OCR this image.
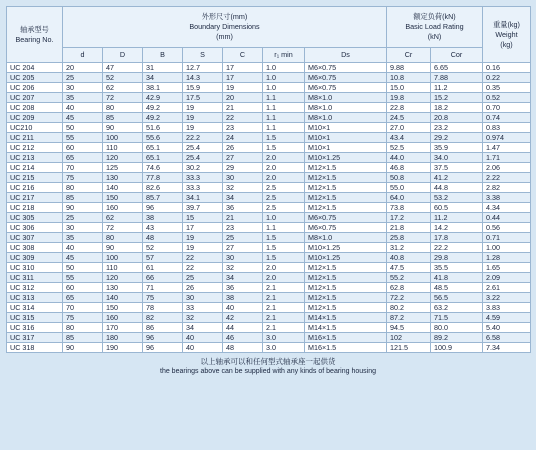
轴承型号
Bearing No.	外形尺寸(mm)
Boundary Dimensions
(mm)							额定负荷(kN)
Basic Load Rating
(kN)		重量(kg)
Weight
(kg)

	d	D	B	S	C	r₁ min	Ds	Cr	Cor	
UC 204	20	47	31	12.7	17	1.0	M6×0.75	9.88	6.65	0.16
UC 205	25	52	34	14.3	17	1.0	M6×0.75	10.8	7.88	0.22
UC 206	30	62	38.1	15.9	19	1.0	M6×0.75	15.0	11.2	0.35
UC 207	35	72	42.9	17.5	20	1.1	M8×1.0	19.8	15.2	0.52
UC 208	40	80	49.2	19	21	1.1	M8×1.0	22.8	18.2	0.70
UC 209	45	85	49.2	19	22	1.1	M8×1.0	24.5	20.8	0.74
UC210	50	90	51.6	19	23	1.1	M10×1	27.0	23.2	0.83
UC 211	55	100	55.6	22.2	24	1.5	M10×1	43.4	29.2	0.974
UC 212	60	110	65.1	25.4	26	1.5	M10×1	52.5	35.9	1.47
UC 213	65	120	65.1	25.4	27	2.0	M10×1.25	44.0	34.0	1.71
UC 214	70	125	74.6	30.2	29	2.0	M12×1.5	46.8	37.5	2.06
UC 215	75	130	77.8	33.3	30	2.0	M12×1.5	50.8	41.2	2.22
UC 216	80	140	82.6	33.3	32	2.5	M12×1.5	55.0	44.8	2.82
UC 217	85	150	85.7	34.1	34	2.5	M12×1.5	64.0	53.2	3.38
UC 218	90	160	96	39.7	36	2.5	M12×1.5	73.8	60.5	4.34
UC 305	25	62	38	15	21	1.0	M6×0.75	17.2	11.2	0.44
UC 306	30	72	43	17	23	1.1	M6×0.75	21.8	14.2	0.56
UC 307	35	80	48	19	25	1.5	M8×1.0	25.8	17.8	0.71
UC 308	40	90	52	19	27	1.5	M10×1.25	31.2	22.2	1.00
UC 309	45	100	57	22	30	1.5	M10×1.25	40.8	29.8	1.28
UC 310	50	110	61	22	32	2.0	M12×1.5	47.5	35.5	1.65
UC 311	55	120	66	25	34	2.0	M12×1.5	55.2	41.8	2.09
UC 312	60	130	71	26	36	2.1	M12×1.5	62.8	48.5	2.61
UC 313	65	140	75	30	38	2.1	M12×1.5	72.2	56.5	3.22
UC 314	70	150	78	33	40	2.1	M12×1.5	80.2	63.2	3.83
UC 315	75	160	82	32	42	2.1	M14×1.5	87.2	71.5	4.59
UC 316	80	170	86	34	44	2.1	M14×1.5	94.5	80.0	5.40
UC 317	85	180	96	40	46	3.0	M16×1.5	102	89.2	6.58
UC 318	90	190	96	40	48	3.0	M16×1.5	121.5	100.9	7.34
以上轴承可以和任何型式轴承座一起供货
the bearings above can be supplied with any kinds of bearing housing
